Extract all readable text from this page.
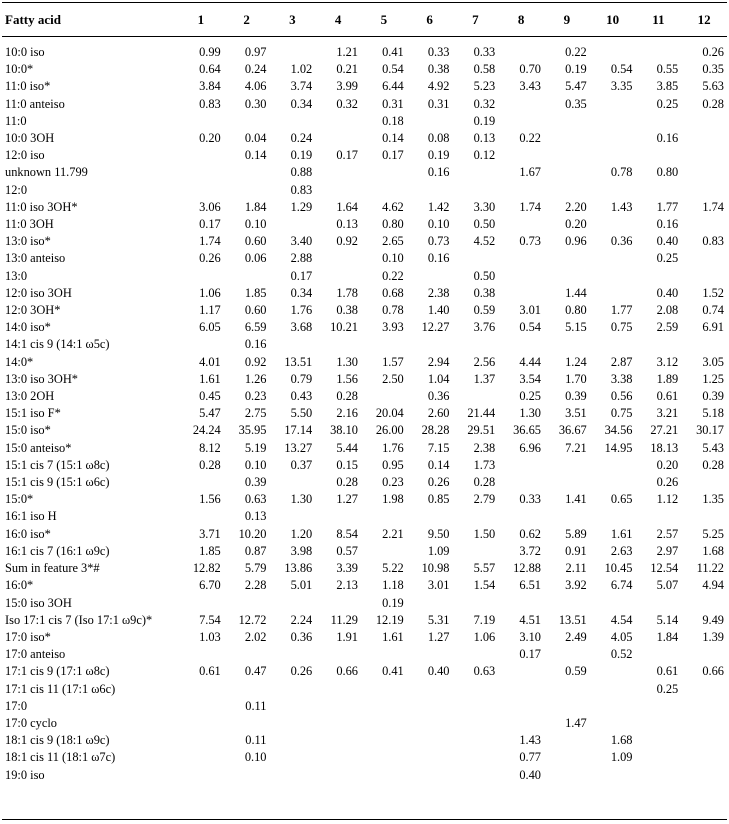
Fatty acid	1	2	3	4	5	6	7	8	9	10	11	12

10:0 iso	0.99	0.97		1.21	0.41	0.33	0.33		0.22			0.26
10:0*	0.64	0.24	1.02	0.21	0.54	0.38	0.58	0.70	0.19	0.54	0.55	0.35
11:0 iso*	3.84	4.06	3.74	3.99	6.44	4.92	5.23	3.43	5.47	3.35	3.85	5.63
11:0 anteiso	0.83	0.30	0.34	0.32	0.31	0.31	0.32		0.35		0.25	0.28
11:0					0.18		0.19					
10:0 3OH	0.20	0.04	0.24		0.14	0.08	0.13	0.22			0.16	
12:0 iso		0.14	0.19	0.17	0.17	0.19	0.12					
unknown 11.799			0.88			0.16		1.67		0.78	0.80	
12:0			0.83									
11:0 iso 3OH*	3.06	1.84	1.29	1.64	4.62	1.42	3.30	1.74	2.20	1.43	1.77	1.74
11:0 3OH	0.17	0.10		0.13	0.80	0.10	0.50		0.20		0.16	
13:0 iso*	1.74	0.60	3.40	0.92	2.65	0.73	4.52	0.73	0.96	0.36	0.40	0.83
13:0 anteiso	0.26	0.06	2.88		0.10	0.16					0.25	
13:0			0.17		0.22		0.50					
12:0 iso 3OH	1.06	1.85	0.34	1.78	0.68	2.38	0.38		1.44		0.40	1.52
12:0 3OH*	1.17	0.60	1.76	0.38	0.78	1.40	0.59	3.01	0.80	1.77	2.08	0.74
14:0 iso*	6.05	6.59	3.68	10.21	3.93	12.27	3.76	0.54	5.15	0.75	2.59	6.91
14:1 cis 9 (14:1 ω5c)		0.16										
14:0*	4.01	0.92	13.51	1.30	1.57	2.94	2.56	4.44	1.24	2.87	3.12	3.05
13:0 iso 3OH*	1.61	1.26	0.79	1.56	2.50	1.04	1.37	3.54	1.70	3.38	1.89	1.25
13:0 2OH	0.45	0.23	0.43	0.28		0.36		0.25	0.39	0.56	0.61	0.39
15:1 iso F*	5.47	2.75	5.50	2.16	20.04	2.60	21.44	1.30	3.51	0.75	3.21	5.18
15:0 iso*	24.24	35.95	17.14	38.10	26.00	28.28	29.51	36.65	36.67	34.56	27.21	30.17
15:0 anteiso*	8.12	5.19	13.27	5.44	1.76	7.15	2.38	6.96	7.21	14.95	18.13	5.43
15:1 cis 7 (15:1 ω8c)	0.28	0.10	0.37	0.15	0.95	0.14	1.73				0.20	0.28
15:1 cis 9 (15:1 ω6c)		0.39		0.28	0.23	0.26	0.28				0.26	
15:0*	1.56	0.63	1.30	1.27	1.98	0.85	2.79	0.33	1.41	0.65	1.12	1.35
16:1 iso H		0.13										
16:0 iso*	3.71	10.20	1.20	8.54	2.21	9.50	1.50	0.62	5.89	1.61	2.57	5.25
16:1 cis 7 (16:1 ω9c)	1.85	0.87	3.98	0.57		1.09		3.72	0.91	2.63	2.97	1.68
Sum in feature 3*#	12.82	5.79	13.86	3.39	5.22	10.98	5.57	12.88	2.11	10.45	12.54	11.22
16:0*	6.70	2.28	5.01	2.13	1.18	3.01	1.54	6.51	3.92	6.74	5.07	4.94
15:0 iso 3OH					0.19							
Iso 17:1 cis 7 (Iso 17:1 ω9c)*	7.54	12.72	2.24	11.29	12.19	5.31	7.19	4.51	13.51	4.54	5.14	9.49
17:0 iso*	1.03	2.02	0.36	1.91	1.61	1.27	1.06	3.10	2.49	4.05	1.84	1.39
17:0 anteiso								0.17		0.52		
17:1 cis 9 (17:1 ω8c)	0.61	0.47	0.26	0.66	0.41	0.40	0.63		0.59		0.61	0.66
17:1 cis 11 (17:1 ω6c)											0.25	
17:0		0.11										
17:0 cyclo									1.47			
18:1 cis 9 (18:1 ω9c)		0.11						1.43		1.68		
18:1 cis 11 (18:1 ω7c)		0.10						0.77		1.09		
19:0 iso								0.40				
